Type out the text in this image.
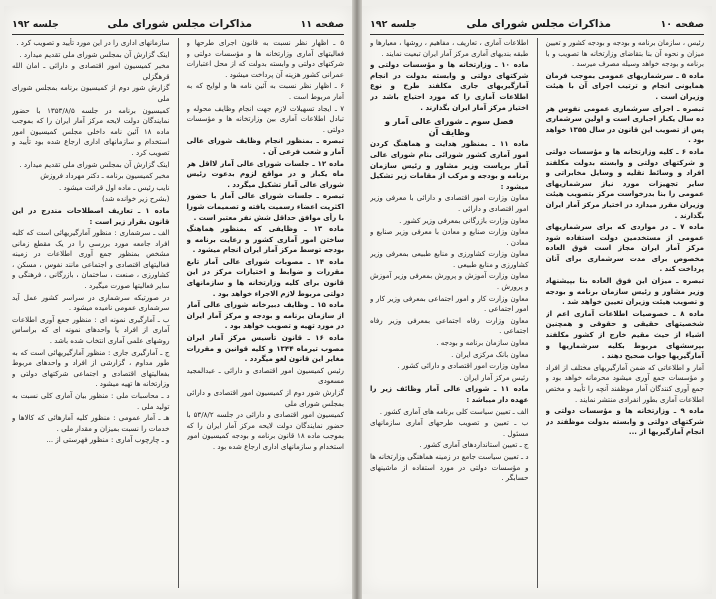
صفحه ۱۱
مذاکرات مجلس شورای ملی
جلسه ۱۹۲

۵ ـ اظهار نظر نسبت به قانون اجرای طرحها و فعالیتهای آماری وزارتخانه ها و مؤسسات دولتی و شرکتهای دولتی و وابسته بدولت که از محل اعتبارات عمرانی کشور هزینه آن پرداخت میشود .

۶ ـ اظهار نظر نسبت به آئین نامه ها و لوایح که به آمار مربوط است .

۷ ـ ایجاد تسهیلات لازم جهت انجام وظایف محوله و تبادل اطلاعات آماری بین وزارتخانه ها و مؤسسات دولتی .

تبصره ـ بمنظور انجام وظایف شورای عالی آمار و شعب فرعی آن .

ماده ۱۲ ـ جلسات شورای عالی آمار لااقل هر ماه یکبار و در مواقع لزوم بدعوت رئیس شورای عالی آمار تشکیل میگردد .

تبصره ـ جلسات شورای عالی آمار با حضور اکثریت اعضاء رسمیت یافته و تصمیمات شورا با رأی موافق حداقل شش نفر معتبر است .

ماده ۱۳ ـ وظایفی که بمنظور هماهنگ ساختن امور آماری کشور و رعایت برنامه و بودجه توسط مرکز آمار ایران انجام میشود .

ماده ۱۴ ـ مصوبات شورای عالی آمار تابع مقررات و ضوابط و اختیارات مرکز در این قانون برای کلیه وزارتخانه ها و سازمانهای دولتی مربوط لازم الاجراء خواهد بود .

ماده ۱۵ ـ وظایف دبیرخانه شورای عالی آمار از سازمان برنامه و بودجه و مرکز آمار ایران در مورد تهیه و تصویب خواهد بود .

ماده ۱۶ ـ قانون تأسیس مرکز آمار ایران مصوب تیرماه ۱۳۴۴ و کلیه قوانین و مقررات مغایر این قانون لغو میگردد .

رئیس کمیسیون امور اقتصادی و دارائی ـ عبدالمجید مسعودی

گزارش شور دوم از کمیسیون امور اقتصادی و دارائی بمجلس شورای ملی

کمیسیون امور اقتصادی و دارائی در جلسه ۵۳/۸/۲ با حضور نمایندگان دولت لایحه مرکز آمار ایران را که بموجب ماده ۱۸ قانون برنامه و بودجه کمیسیون امور استخدام و سازمانهای اداری ارجاع شده بود .

سازمانهای اداری را در این مورد تأیید و تصویب کرد .

اینک گزارش آن بمجلس شورای ملی تقدیم میدارد .

مخبر کمیسیون امور اقتصادی و دارائی ـ امان الله قرهگزلی

گزارش شور دوم از کمیسیون برنامه بمجلس شورای ملی

کمیسیون برنامه در جلسه ۱۳۵۳/۸/۵ با حضور نمایندگان دولت لایحه مرکز آمار ایران را که بموجب ماده ۱۸ آئین نامه داخلی مجلس کمیسیون امور استخدام و سازمانهای اداری ارجاع شده بود تأیید و تصویب کرد .

اینک گزارش آن بمجلس شورای ملی تقدیم میدارد .

مخبر کمیسیون برنامه ـ دکتر مهرداد فروزش

نایب رئیس ـ ماده اول قرائت میشود .

(بشرح زیر خوانده شد)

ماده ۱ ـ تعاریف اصطلاحات مندرج در این قانون بقرار زیر است :

الف ـ سرشماری : منظور آمارگیریهائی است که کلیه افراد جامعه مورد بررسی را در یک مقطع زمانی مشخص بمنظور جمع آوری اطلاعات در زمینه فعالیتهای اقتصادی و اجتماعی مانند نفوس ، مسکن ، کشاورزی ، صنعت ، ساختمان ، بازرگانی ، فرهنگی و سایر فعالیتها صورت میگیرد .

در صورتیکه سرشماری در سراسر کشور عمل آید سرشماری عمومی نامیده میشود .

ب ـ آمارگیری نمونه ای : منظور جمع آوری اطلاعات آماری از افراد یا واحدهای نمونه ای که براساس روشهای علمی آماری انتخاب شده باشد .

ج ـ آمارگیری جاری : منظور آمارگیریهائی است که به طور مداوم ، گزارشی از افراد و واحدهای مربوط بفعالیتهای اقتصادی و اجتماعی شرکتهای دولتی و وزارتخانه ها تهیه میشود .

د ـ محاسبات ملی : منظور بیان آماری کلی نسبت به تولید ملی .

هـ ـ آمار عمومی : منظور کلیه آمارهائی که کالاها و خدمات را نسبت بمیزان و مقدار ملی .

و ـ چارچوب آماری : منظور فهرستی از ...

صفحه ۱۰
مذاکرات مجلس شورای ملی
جلسه ۱۹۲

رئیس ، سازمان برنامه و بودجه و بودجه کشور و تعیین میزان و نحوه آن بنا بتقاضای وزارتخانه ها تصویب و با برنامه و بودجه خواهد وسیله مصرف میرسد .

ماده ۵ ـ سرشماریهای عمومی بموجب فرمان همایونی انجام و ترتیب اجرای آن با هیئت وزیران است .

تبصره ـ اجرای سرشماری عمومی نفوس هر ده سال یکبار اجباری است و اولین سرشماری پس از تصویب این قانون در سال ۱۳۵۵ خواهد بود .

ماده ۶ ـ کلیه وزارتخانه ها و مؤسسات دولتی و شرکتهای دولتی و وابسته بدولت مکلفند افراد و وسائط نقلیه و وسایل مخابراتی و سایر تجهیزات مورد نیاز سرشماریهای عمومی را بنا بدرخواست مرکز بتصویب هیئت وزیران مقرر میدارد در اختیار مرکز آمار ایران بگذارند .

ماده ۷ ـ در مواردی که برای سرشماریهای عمومی از مستخدمین دولت استفاده شود مرکز آمار ایران مجاز است فوق العاده مخصوص برای مدت سرشماری برای آنان پرداخت کند .

تبصره ـ میزان این فوق العاده بنا بپیشنهاد وزیر مشاور و رئیس سازمان برنامه و بودجه و تصویب هیئت وزیران تعیین خواهد شد .

ماده ۸ ـ خصوصیات اطلاعات آماری اعم از شخصیتهای حقیقی و حقوقی و همچنین اشیاء از حیث مقیم خارج از کشور مکلفند بپرسشهای مربوط بکلیه سرشماریها و آمارگیریها جواب صحیح دهند .

آمار و اطلاعاتی که ضمن آمارگیریهای مختلف از افراد و مؤسسات جمع آوری میشود محرمانه خواهد بود و جمع آوری کنندگان آمار موظفند آنچه را تأیید و مختص اطلاعات آماری بطور انفرادی منتشر نمایند .

ماده ۹ ـ وزارتخانه ها و مؤسسات دولتی و شرکتهای دولتی و وابسته بدولت موظفند در انجام آمارگیریها از ...

اطلاعات آماری ، تعاریف ، مفاهیم ، روشها ، معیارها و طبقه بندیهای آماری مرکز آمار ایران تبعیت نمایند .

ماده ۱۰ ـ وزارتخانه ها و مؤسسات دولتی و شرکتهای دولتی و وابسته بدولت در انجام آمارگیریهای جاری مکلفند طرح و نوع اطلاعات آماری را که مورد احتیاج باشد در اختیار مرکز آمار ایران بگذارند .

فصل سوم ـ شورای عالی آمار و وظایف آن

ماده ۱۱ ـ بمنظور هدایت و هماهنگ کردن امور آماری کشور شورائی بنام شورای عالی آمار برپاست وزیر مشاور و رئیس سازمان برنامه و بودجه و مرکب از مقامات زیر تشکیل میشود :

معاون وزارت امور اقتصادی و دارائی با معرفی وزیر امور اقتصادی و دارائی .

معاون وزارت بازرگانی بمعرفی وزیر کشور .

معاون وزارت صنایع و معادن با معرفی وزیر صنایع و معادن .

معاون وزارت کشاورزی و منابع طبیعی بمعرفی وزیر کشاورزی و منابع طبیعی .

معاون وزارت آموزش و پرورش بمعرفی وزیر آموزش و پرورش .

معاون وزارت کار و امور اجتماعی بمعرفی وزیر کار و امور اجتماعی .

معاون وزارت رفاه اجتماعی بمعرفی وزیر رفاه اجتماعی .

معاون سازمان برنامه و بودجه .

معاون بانک مرکزی ایران .

معاون وزارت امور اقتصادی و دارائی کشور .

رئیس مرکز آمار ایران .

ماده ۱۱ ـ شورای عالی آمار وظائف زیر را عهده دار میباشد :

الف ـ تعیین سیاست کلی برنامه های آماری کشور .

ب ـ تعیین و تصویب طرحهای آماری سازمانهای مسئول .

ج ـ تعیین استانداردهای آماری کشور .

د ـ تعیین سیاست جامع در زمینه هماهنگی وزارتخانه ها و مؤسسات دولتی در مورد استفاده از ماشینهای حسابگر .
